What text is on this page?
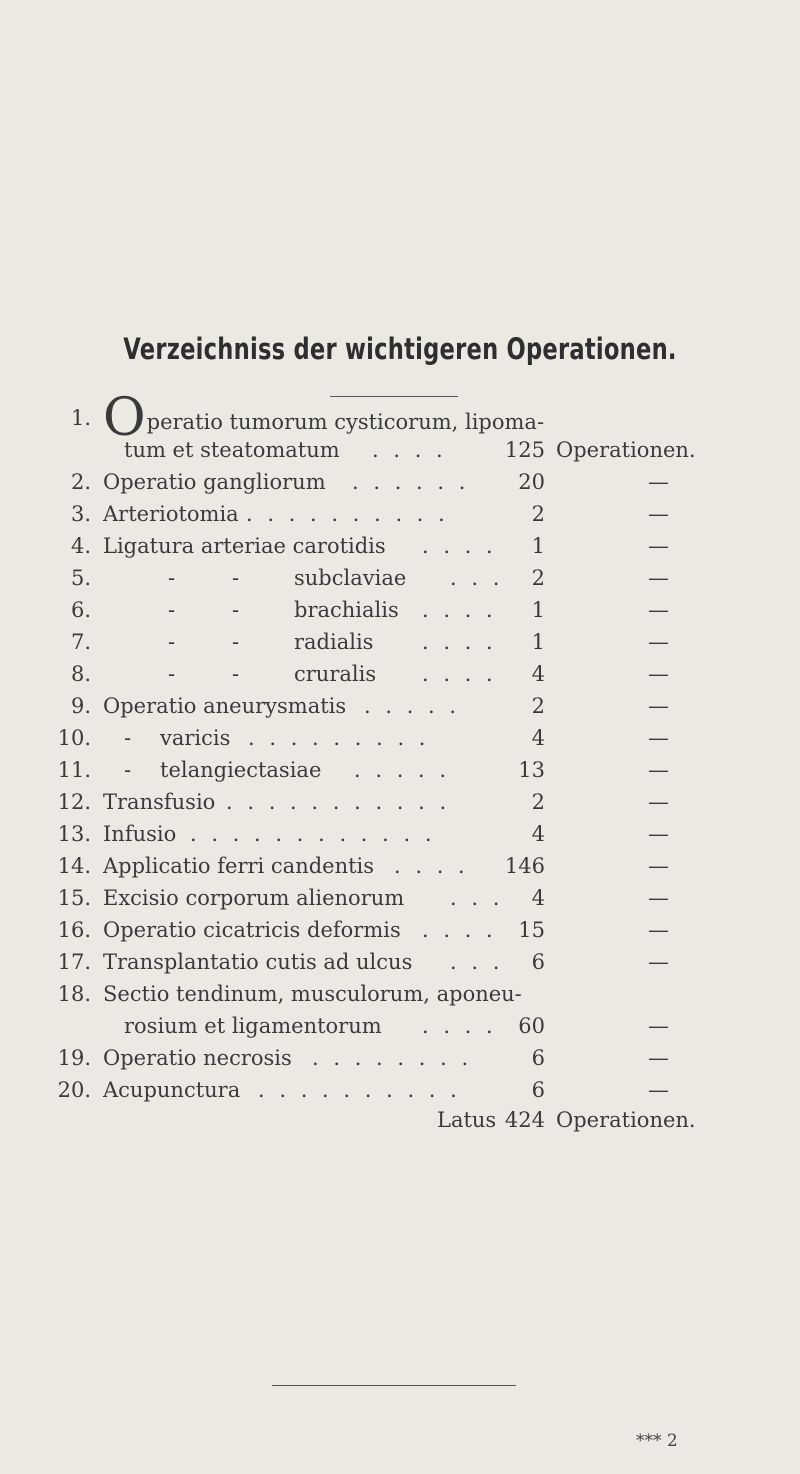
Verzeichniss der wichtigeren Operationen.
1. Operatio tumorum cysticorum, lipoma-
tum et steatomatum . . . .	125 Operationen.
2. Operatio gangliorum . . . . . . 20	—
3. Arteriotomia . . . . . . . . . .	2	—
4. Ligatura arteriae carotidis . . . . 1	—
5.	-	-	subclaviae . . . 2	—
6.	-	-	brachialis . . . . 1	—
7.	-	-	radialis . . . . 1	—
8.	-	-	cruralis . . . . 4	—
9. Operatio aneurysmatis . . . . .	2	—
10. - varicis . . . . . . . . .	4	—
11. - telangiectasiae . . . . .	13	—
12. Transfusio . . . . . . . . . . .	2	—
13. Infusio . . . . . . . . . . . .	4	—
14. Applicatio ferri candentis . . . . 146	—
15. Excisio corporum alienorum . . . 4	—
16. Operatio cicatricis deformis . . . . 15	—
17. Transplantatio cutis ad ulcus . . . 6	—
18. Sectio tendinum, musculorum, aponeu-
rosium et ligamentorum . . . . 60	—
19. Operatio necrosis . . . . . . . .	6	—
20. Acupunctura . . . . . . . . . .	6	—
Latus 424 Operationen.
*** 2
